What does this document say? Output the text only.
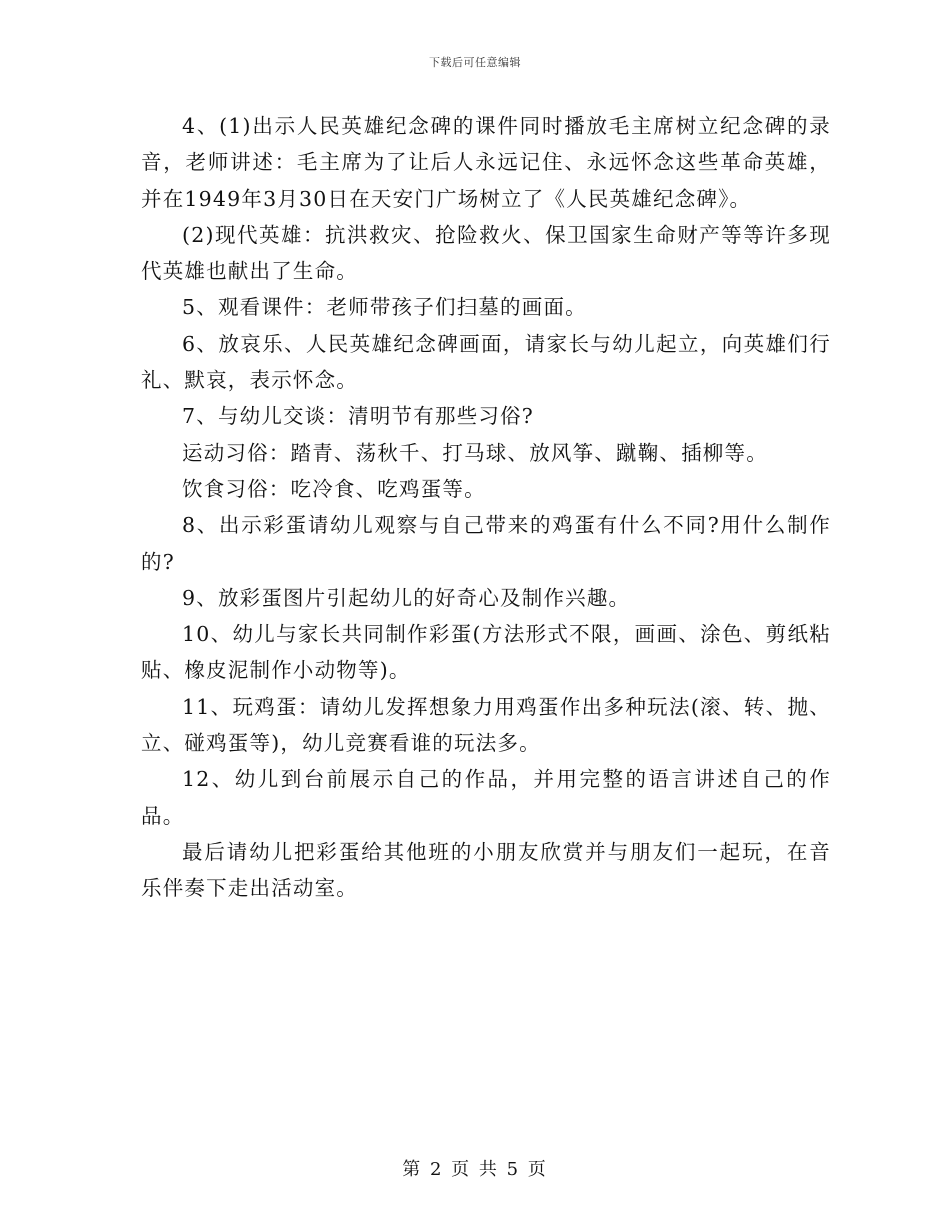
下载后可任意编辑

4、(1)出示人民英雄纪念碑的课件同时播放毛主席树立纪念碑的录音，老师讲述：毛主席为了让后人永远记住、永远怀念这些革命英雄，并在1949年3月30日在天安门广场树立了《人民英雄纪念碑》。

(2)现代英雄：抗洪救灾、抢险救火、保卫国家生命财产等等许多现代英雄也献出了生命。

5、观看课件：老师带孩子们扫墓的画面。

6、放哀乐、人民英雄纪念碑画面，请家长与幼儿起立，向英雄们行礼、默哀，表示怀念。

7、与幼儿交谈：清明节有那些习俗?

运动习俗：踏青、荡秋千、打马球、放风筝、蹴鞠、插柳等。

饮食习俗：吃冷食、吃鸡蛋等。

8、出示彩蛋请幼儿观察与自己带来的鸡蛋有什么不同?用什么制作的?

9、放彩蛋图片引起幼儿的好奇心及制作兴趣。

10、幼儿与家长共同制作彩蛋(方法形式不限，画画、涂色、剪纸粘贴、橡皮泥制作小动物等)。

11、玩鸡蛋：请幼儿发挥想象力用鸡蛋作出多种玩法(滚、转、抛、立、碰鸡蛋等)，幼儿竞赛看谁的玩法多。

12、幼儿到台前展示自己的作品，并用完整的语言讲述自己的作品。

最后请幼儿把彩蛋给其他班的小朋友欣赏并与朋友们一起玩，在音乐伴奏下走出活动室。

第 2 页 共 5 页
